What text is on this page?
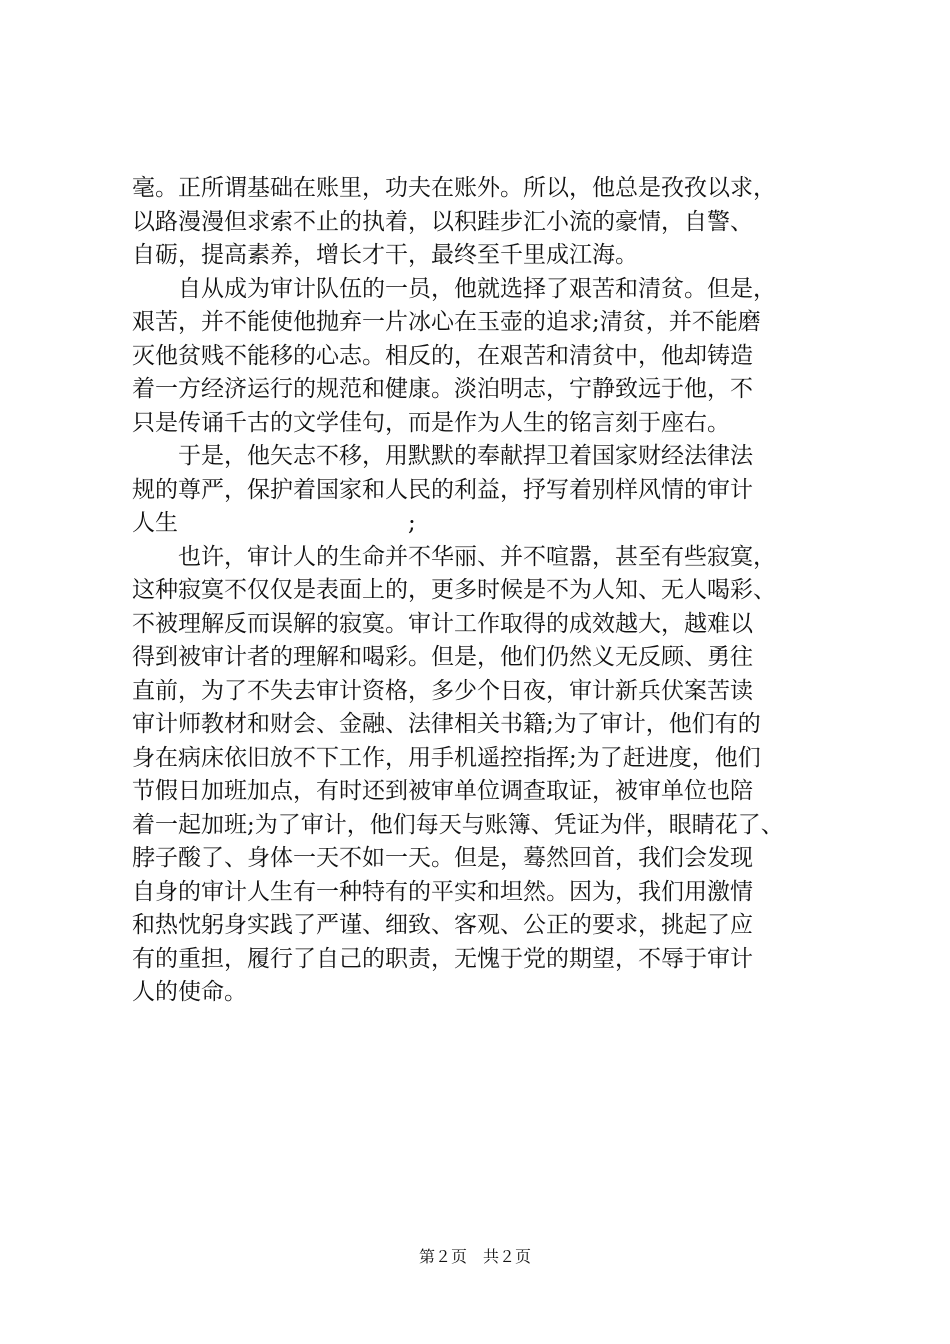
毫。正所谓基础在账里，功夫在账外。所以，他总是孜孜以求，
以路漫漫但求索不止的执着，以积跬步汇小流的豪情，自警、
自砺，提高素养，增长才干，最终至千里成江海。
　　自从成为审计队伍的一员，他就选择了艰苦和清贫。但是，
艰苦，并不能使他抛弃一片冰心在玉壶的追求;清贫，并不能磨
灭他贫贱不能移的心志。相反的，在艰苦和清贫中，他却铸造
着一方经济运行的规范和健康。淡泊明志，宁静致远于他，不
只是传诵千古的文学佳句，而是作为人生的铭言刻于座右。
　　于是，他矢志不移，用默默的奉献捍卫着国家财经法律法
规的尊严，保护着国家和人民的利益，抒写着别样风情的审计
人生　　　　　　　　　　;
　　也许，审计人的生命并不华丽、并不喧嚣，甚至有些寂寞，
这种寂寞不仅仅是表面上的，更多时候是不为人知、无人喝彩、
不被理解反而误解的寂寞。审计工作取得的成效越大，越难以
得到被审计者的理解和喝彩。但是，他们仍然义无反顾、勇往
直前，为了不失去审计资格，多少个日夜，审计新兵伏案苦读
审计师教材和财会、金融、法律相关书籍;为了审计，他们有的
身在病床依旧放不下工作，用手机遥控指挥;为了赶进度，他们
节假日加班加点，有时还到被审单位调查取证，被审单位也陪
着一起加班;为了审计，他们每天与账簿、凭证为伴，眼睛花了、
脖子酸了、身体一天不如一天。但是，蓦然回首，我们会发现
自身的审计人生有一种特有的平实和坦然。因为，我们用激情
和热忱躬身实践了严谨、细致、客观、公正的要求，挑起了应
有的重担，履行了自己的职责，无愧于党的期望，不辱于审计
人的使命。
第２页　共２页
